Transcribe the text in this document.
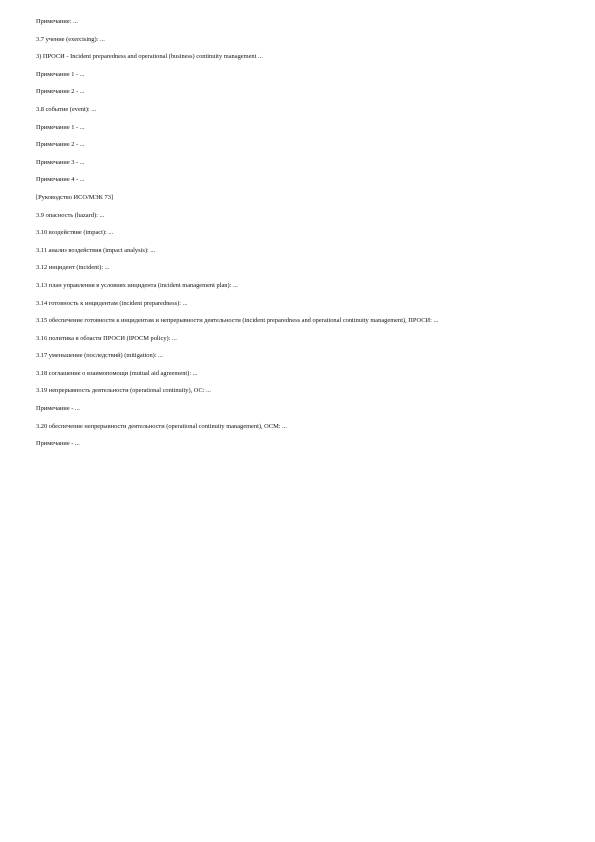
Примечание: ...

3.7 учение (exercising): ...

3) ПРОСИ - Incident preparedness and operational (business) continuity management ...

Примечание 1 - ...

Примечание 2 - ...

3.8 событие (event): ...

Примечание 1 - ...

Примечание 2 - ...

Примечание 3 - ...

Примечание 4 - ...

[Руководство ИСО/МЭК 73]

3.9 опасность (hazard): ...

3.10 воздействие (impact): ...

3.11 анализ воздействия (impact analysis): ...

3.12 инцидент (incident): ...

3.13 план управления в условиях инцидента (incident management plan): ...

3.14 готовность к инцидентам (incident preparedness): ...

3.15 обеспечение готовности к инцидентам и непрерывности деятельности (incident preparedness and operational continuity management), ПРОСИ: ...

3.16 политика в области ПРОСИ (IPOCM policy): ...

3.17 уменьшение (последствий) (mitigation): ...

3.18 соглашение о взаимопомощи (mutual aid agreement): ...

3.19 непрерывность деятельности (operational continuity), ОС: ...

Примечание - ...

3.20 обеспечение непрерывности деятельности (operational continuity management), ОСМ: ...

Примечание - ...
